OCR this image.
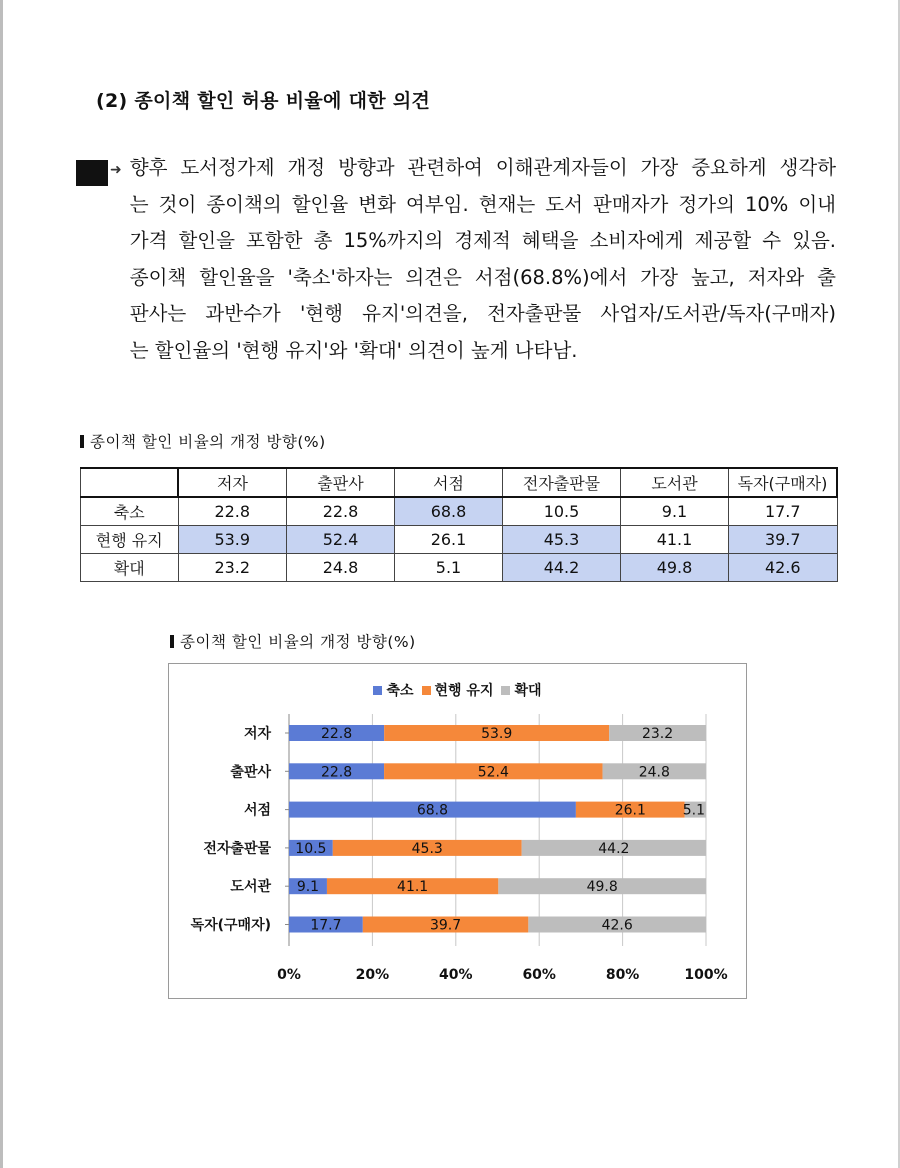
(2) 종이책 할인 허용 비율에 대한 의견
➜ 향후 도서정가제 개정 방향과 관련하여 이해관계자들이 가장 중요하게 생각하
는 것이 종이책의 할인율 변화 여부임. 현재는 도서 판매자가 정가의 10% 이내
가격 할인을 포함한 총 15%까지의 경제적 혜택을 소비자에게 제공할 수 있음.
종이책 할인율을 '축소'하자는 의견은 서점(68.8%)에서 가장 높고, 저자와 출
판사는 과반수가 '현행 유지'의견을, 전자출판물 사업자/도서관/독자(구매자)
는 할인율의 '현행 유지'와 '확대' 의견이 높게 나타남.
종이책 할인 비율의 개정 방향(%)
	저자	출판사	서점	전자출판물	도서관	독자(구매자)
축소	22.8	22.8	68.8	10.5	9.1	17.7
현행 유지	53.9	52.4	26.1	45.3	41.1	39.7
확대	23.2	24.8	5.1	44.2	49.8	42.6
종이책 할인 비율의 개정 방향(%)
축소 현행 유지 확대
0%	20%	40%	60%	80%	100%
저자	22.8	53.9	23.2
출판사	22.8	52.4	24.8
서점	68.8	26.1	5.1
전자출판물 10.5	45.3	44.2
도서관 9.1	41.1	49.8
독자(구매자)	17.7	39.7	42.6
